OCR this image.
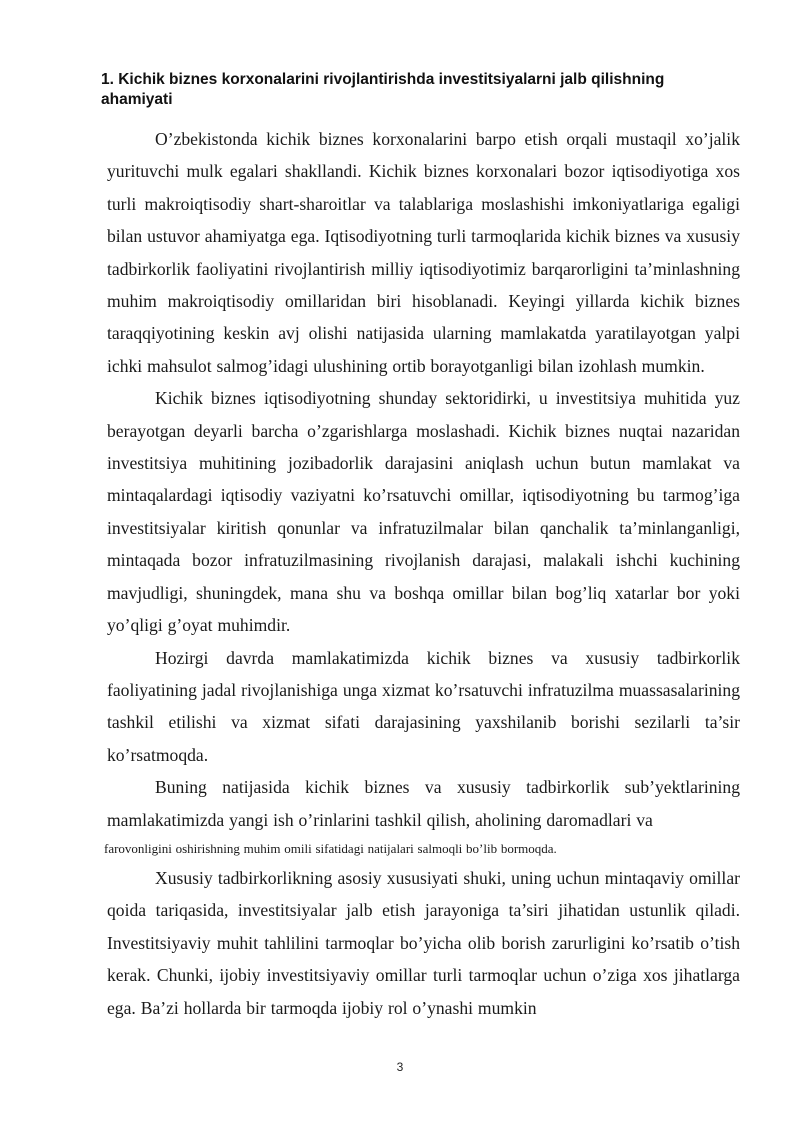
1. Kichik biznes korxonalarini rivojlantirishda investitsiyalarni jalb qilishning ahamiyati

O’zbekistonda kichik biznes korxonalarini barpo etish orqali mustaqil xo’jalik yurituvchi mulk egalari shakllandi. Kichik biznes korxonalari bozor iqtisodiyotiga xos turli makroiqtisodiy shart-sharoitlar va talablariga moslashishi imkoniyatlariga egaligi bilan ustuvor ahamiyatga ega. Iqtisodiyotning turli tarmoqlarida kichik biznes va xususiy tadbirkorlik faoliyatini rivojlantirish milliy iqtisodiyotimiz barqarorligini ta’minlashning muhim makroiqtisodiy omillaridan biri hisoblanadi. Keyingi yillarda kichik biznes taraqqiyotining keskin avj olishi natijasida ularning mamlakatda yaratilayotgan yalpi ichki mahsulot salmog’idagi ulushining ortib borayotganligi bilan izohlash mumkin.

Kichik biznes iqtisodiyotning shunday sektoridirki, u investitsiya muhitida yuz berayotgan deyarli barcha o’zgarishlarga moslashadi. Kichik biznes nuqtai nazaridan investitsiya muhitining jozibadorlik darajasini aniqlash uchun butun mamlakat va mintaqalardagi iqtisodiy vaziyatni ko’rsatuvchi omillar, iqtisodiyotning bu tarmog’iga investitsiyalar kiritish qonunlar va infratuzilmalar bilan qanchalik ta’minlanganligi, mintaqada bozor infratuzilmasining rivojlanish darajasi, malakali ishchi kuchining mavjudligi, shuningdek, mana shu va boshqa omillar bilan bog’liq xatarlar bor yoki yo’qligi g’oyat muhimdir.

Hozirgi davrda mamlakatimizda kichik biznes va xususiy tadbirkorlik faoliyatining jadal rivojlanishiga unga xizmat ko’rsatuvchi infratuzilma muassasalarining tashkil etilishi va xizmat sifati darajasining yaxshilanib borishi sezilarli ta’sir ko’rsatmoqda.

Buning natijasida kichik biznes va xususiy tadbirkorlik sub’yektlarining mamlakatimizda yangi ish o’rinlarini tashkil qilish, aholining daromadlari va
farovonligini oshirishning muhim omili sifatidagi natijalari salmoqli bo’lib bormoqda.

Xususiy tadbirkorlikning asosiy xususiyati shuki, uning uchun mintaqaviy omillar qoida tariqasida, investitsiyalar jalb etish jarayoniga ta’siri jihatidan ustunlik qiladi. Investitsiyaviy muhit tahlilini tarmoqlar bo’yicha olib borish zarurligini ko’rsatib o’tish kerak. Chunki, ijobiy investitsiyaviy omillar turli tarmoqlar uchun o’ziga xos jihatlarga ega. Ba’zi hollarda bir tarmoqda ijobiy rol o’ynashi mumkin

3
